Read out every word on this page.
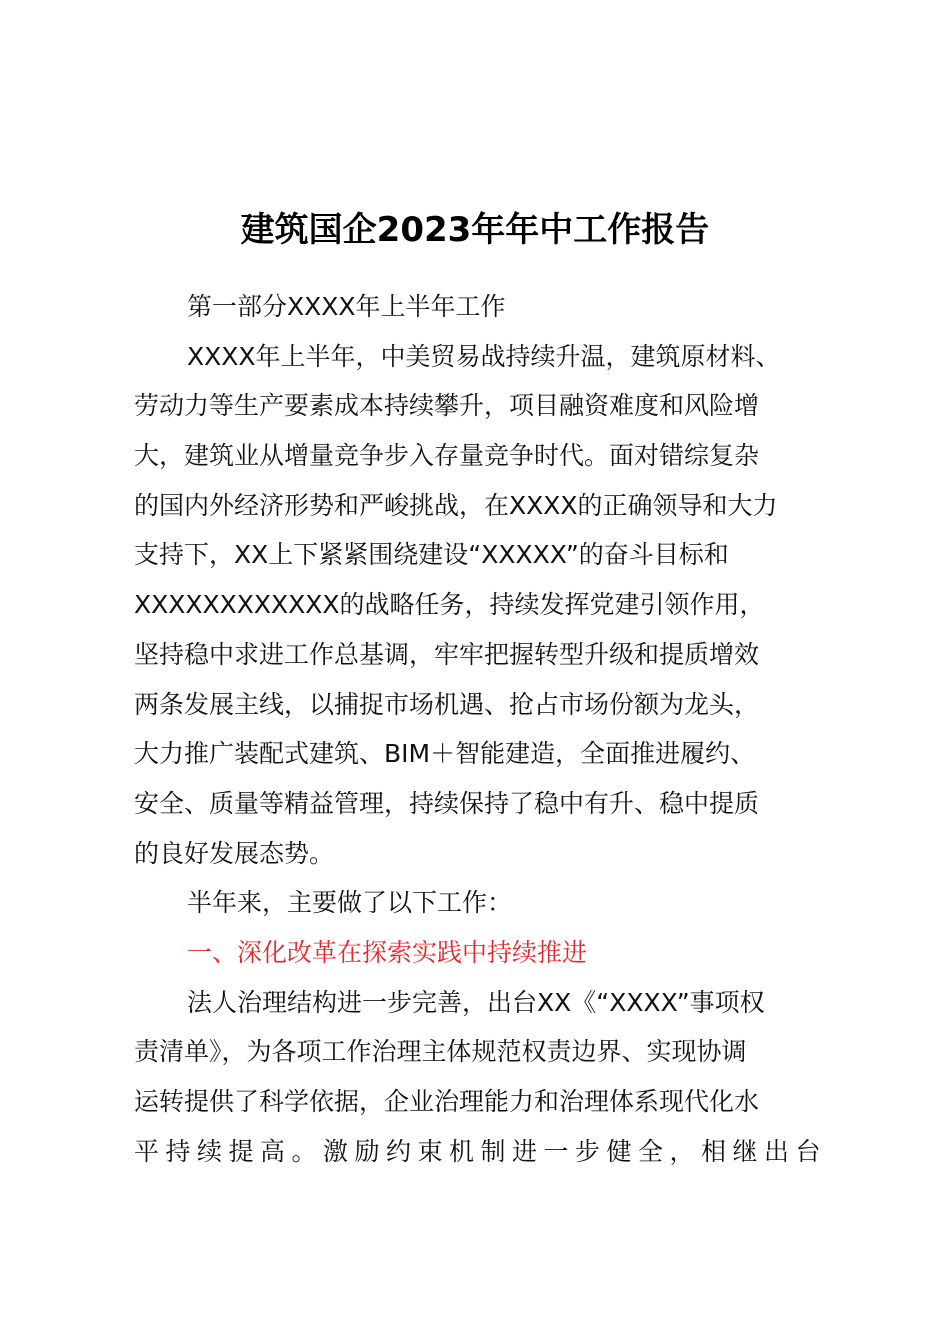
建筑国企2023年年中工作报告
第一部分XXXX年上半年工作
XXXX年上半年，中美贸易战持续升温，建筑原材料、
劳动力等生产要素成本持续攀升，项目融资难度和风险增
大，建筑业从增量竞争步入存量竞争时代。面对错综复杂
的国内外经济形势和严峻挑战，在XXXX的正确领导和大力
支持下，XX上下紧紧围绕建设“XXXXX”的奋斗目标和
XXXXXXXXXXXX的战略任务，持续发挥党建引领作用，
坚持稳中求进工作总基调，牢牢把握转型升级和提质增效
两条发展主线，以捕捉市场机遇、抢占市场份额为龙头，
大力推广装配式建筑、BIM＋智能建造，全面推进履约、
安全、质量等精益管理，持续保持了稳中有升、稳中提质
的良好发展态势。
半年来，主要做了以下工作：
一、深化改革在探索实践中持续推进
法人治理结构进一步完善，出台XX《“XXXX”事项权
责清单》，为各项工作治理主体规范权责边界、实现协调
运转提供了科学依据，企业治理能力和治理体系现代化水
平持续提高。激励约束机制进一步健全，相继出台
